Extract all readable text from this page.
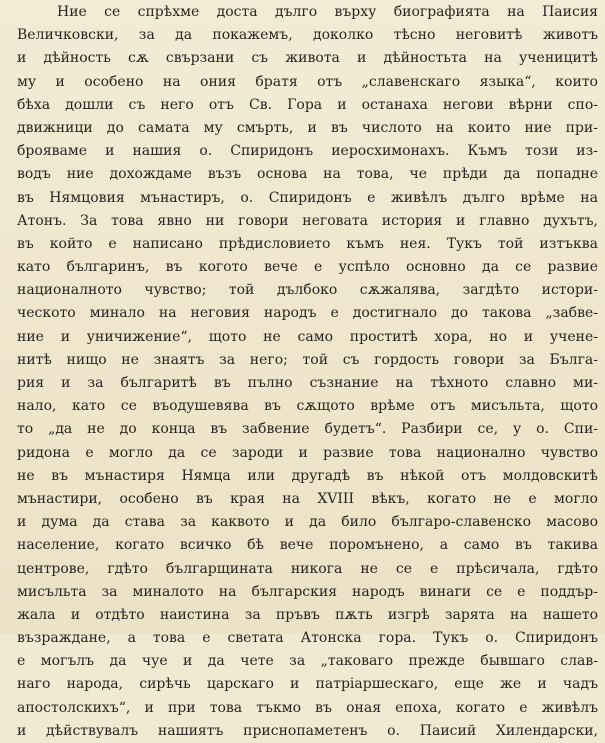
Ние се спрѣхме доста дълго върху биографията на Паисия
Величковски, за да покажемъ, доколко тѣсно неговитѣ животъ
и дѣйность сѫ свързани съ живота и дѣйностьта на ученицитѣ
му и особено на ония братя отъ „славенскаго языка“, които
бѣха дошли съ него отъ Св. Гора и останаха негови вѣрни спо-
движници до самата му смърть, и въ числото на които ние при-
брояваме и нашия о. Спиридонъ иеросхимонахъ. Къмъ този из-
водъ ние дохождаме възъ основа на това, че прѣди да попадне
въ Нямцовия мънастиръ, о. Спиридонъ е живѣлъ дълго врѣме на
Атонъ. За това явно ни говори неговата история и главно духътъ,
въ който е написано прѣдисловието къмъ нея. Тукъ той изтъква
като българинъ, въ когото вече е успѣло основно да се развие
националното чувство; той дълбоко сѫжалява, загдѣто истори-
ческото минало на неговия народъ е достигнало до такова „забве-
ние и уничижение“, щото не само проститѣ хора, но и учене-
нитѣ нищо не знаятъ за него; той съ гордость говори за Бълга-
рия и за българитѣ въ пълно съзнание на тѣхното славно ми-
нало, като се въодушевява въ сѫщото врѣме отъ мисъльта, щото
то „да не до конца въ забвение будетъ“. Разбири се, у о. Спи-
ридона е могло да се зароди и развие това национално чувство
не въ мънастиря Нямца или другадѣ въ нѣкой отъ молдовскитѣ
мънастири, особено въ края на XVIII вѣкъ, когато не е могло
и дума да става за каквото и да било българо-славенско масово
население, когато всичко бѣ вече поромънено, а само въ такива
центрове, гдѣто българщината никога не се е прѣсичала, гдѣто
мисъльта за миналото на българския народъ винаги се е поддър-
жала и отдѣто наистина за пръвъ пѫть изгрѣ зарята на нашето
възраждане, а това е светата Атонска гора. Тукъ о. Спиридонъ
е могълъ да чуе и да чете за „таковаго прежде бывшаго слав-
наго народа, сирѣчь царскаго и патріаршескаго, еще же и чадъ
апостолскихъ“, и при това тъкмо въ оная епоха, когато е живѣлъ
и дѣйствувалъ нашиятъ приснопаметенъ о. Паисий Хилендарски,
